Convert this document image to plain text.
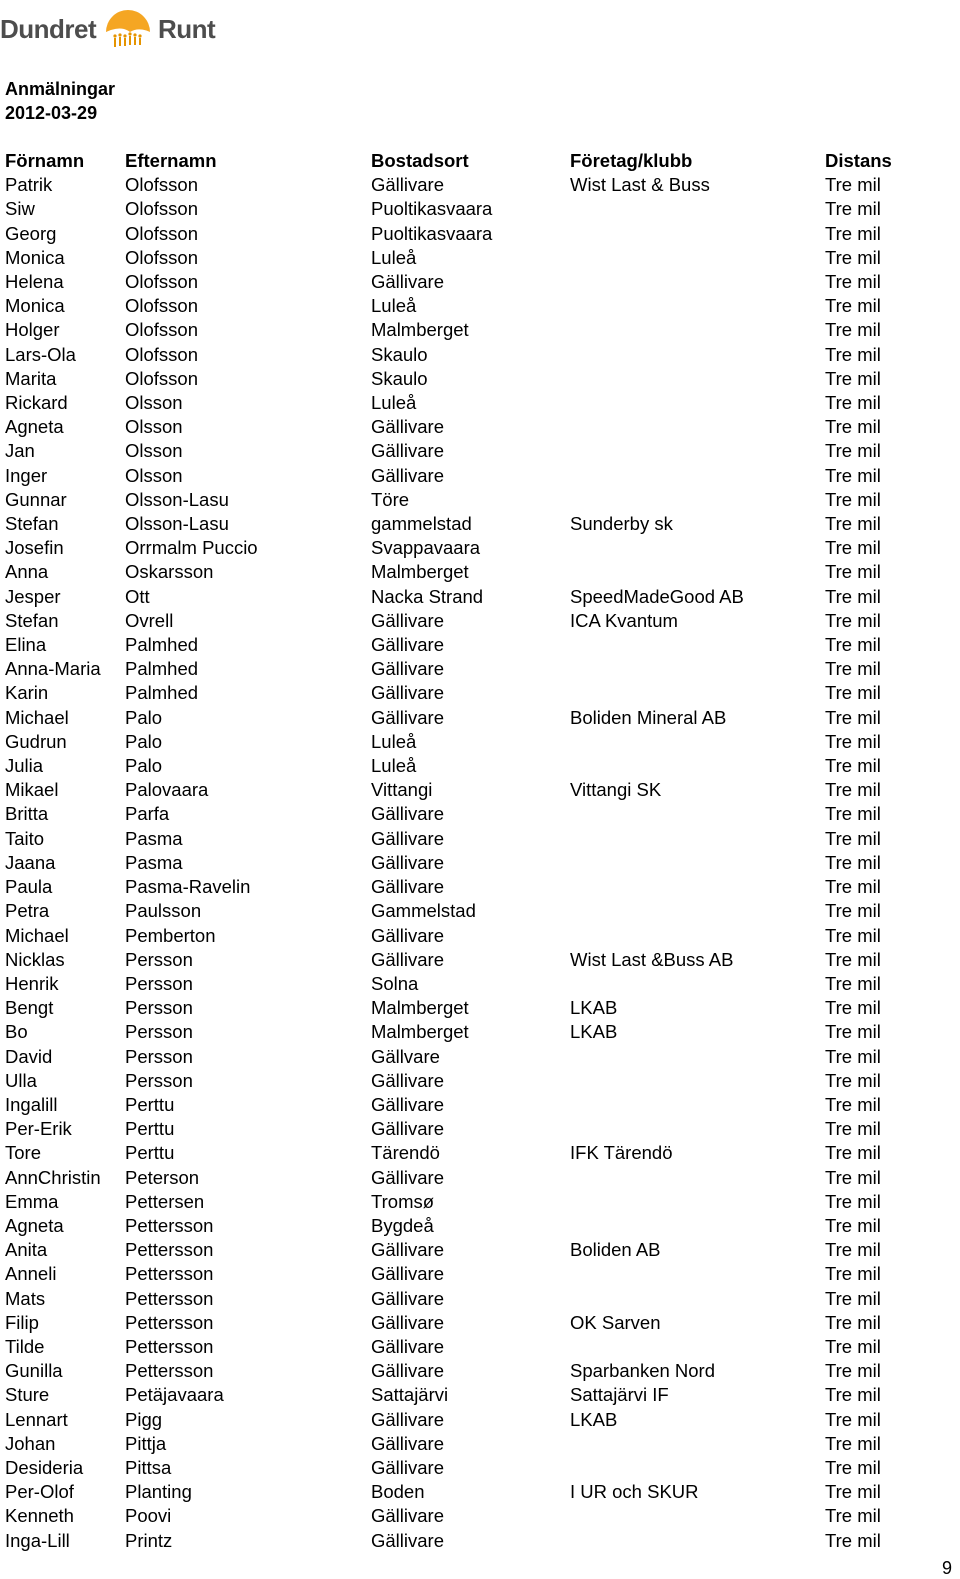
Dundret Runt
Anmälningar
2012-03-29
Förnamn	Efternamn	Bostadsort	Företag/klubb	Distans
Patrik	Olofsson	Gällivare	Wist Last & Buss	Tre mil
Siw	Olofsson	Puoltikasvaara		Tre mil
Georg	Olofsson	Puoltikasvaara		Tre mil
Monica	Olofsson	Luleå		Tre mil
Helena	Olofsson	Gällivare		Tre mil
Monica	Olofsson	Luleå		Tre mil
Holger	Olofsson	Malmberget		Tre mil
Lars-Ola	Olofsson	Skaulo		Tre mil
Marita	Olofsson	Skaulo		Tre mil
Rickard	Olsson	Luleå		Tre mil
Agneta	Olsson	Gällivare		Tre mil
Jan	Olsson	Gällivare		Tre mil
Inger	Olsson	Gällivare		Tre mil
Gunnar	Olsson-Lasu	Töre		Tre mil
Stefan	Olsson-Lasu	gammelstad	Sunderby sk	Tre mil
Josefin	Orrmalm Puccio	Svappavaara		Tre mil
Anna	Oskarsson	Malmberget		Tre mil
Jesper	Ott	Nacka Strand	SpeedMadeGood AB	Tre mil
Stefan	Ovrell	Gällivare	ICA Kvantum	Tre mil
Elina	Palmhed	Gällivare		Tre mil
Anna-Maria	Palmhed	Gällivare		Tre mil
Karin	Palmhed	Gällivare		Tre mil
Michael	Palo	Gällivare	Boliden Mineral AB	Tre mil
Gudrun	Palo	Luleå		Tre mil
Julia	Palo	Luleå		Tre mil
Mikael	Palovaara	Vittangi	Vittangi SK	Tre mil
Britta	Parfa	Gällivare		Tre mil
Taito	Pasma	Gällivare		Tre mil
Jaana	Pasma	Gällivare		Tre mil
Paula	Pasma-Ravelin	Gällivare		Tre mil
Petra	Paulsson	Gammelstad		Tre mil
Michael	Pemberton	Gällivare		Tre mil
Nicklas	Persson	Gällivare	Wist Last &Buss AB	Tre mil
Henrik	Persson	Solna		Tre mil
Bengt	Persson	Malmberget	LKAB	Tre mil
Bo	Persson	Malmberget	LKAB	Tre mil
David	Persson	Gällvare		Tre mil
Ulla	Persson	Gällivare		Tre mil
Ingalill	Perttu	Gällivare		Tre mil
Per-Erik	Perttu	Gällivare		Tre mil
Tore	Perttu	Tärendö	IFK Tärendö	Tre mil
AnnChristin	Peterson	Gällivare		Tre mil
Emma	Pettersen	Tromsø		Tre mil
Agneta	Pettersson	Bygdeå		Tre mil
Anita	Pettersson	Gällivare	Boliden AB	Tre mil
Anneli	Pettersson	Gällivare		Tre mil
Mats	Pettersson	Gällivare		Tre mil
Filip	Pettersson	Gällivare	OK Sarven	Tre mil
Tilde	Pettersson	Gällivare		Tre mil
Gunilla	Pettersson	Gällivare	Sparbanken Nord	Tre mil
Sture	Petäjavaara	Sattajärvi	Sattajärvi IF	Tre mil
Lennart	Pigg	Gällivare	LKAB	Tre mil
Johan	Pittja	Gällivare		Tre mil
Desideria	Pittsa	Gällivare		Tre mil
Per-Olof	Planting	Boden	I UR och SKUR	Tre mil
Kenneth	Poovi	Gällivare		Tre mil
Inga-Lill	Printz	Gällivare		Tre mil
9
